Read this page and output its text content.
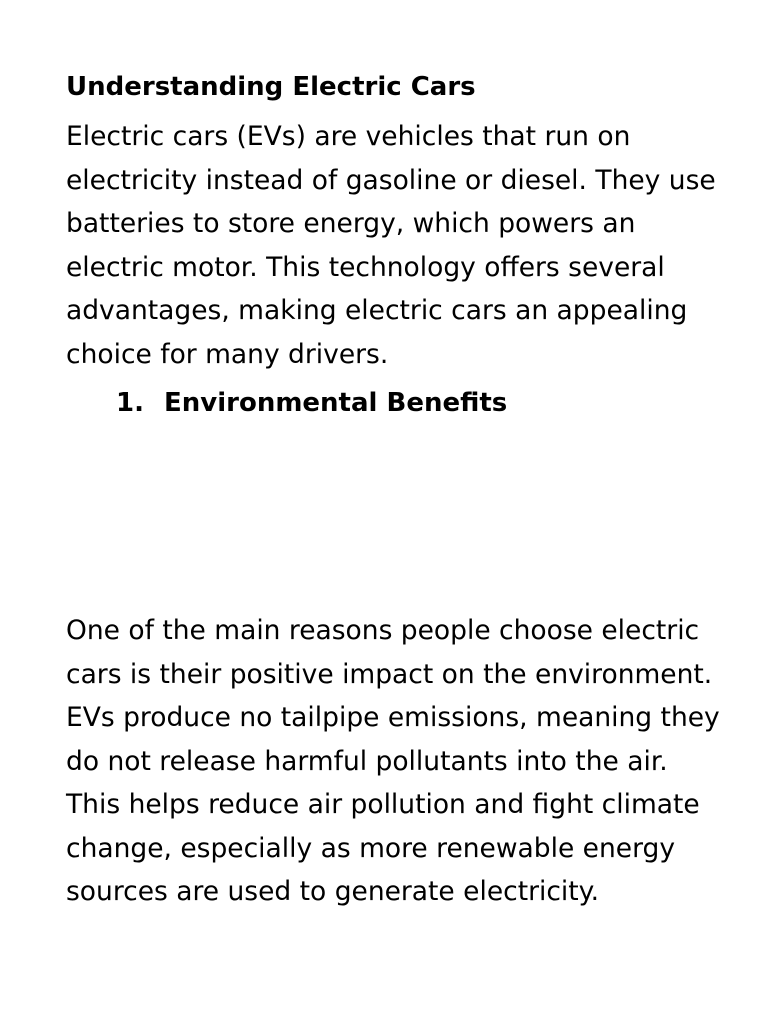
Understanding Electric Cars

Electric cars (EVs) are vehicles that run on electricity instead of gasoline or diesel. They use batteries to store energy, which powers an electric motor. This technology offers several advantages, making electric cars an appealing choice for many drivers.

1. Environmental Benefits

One of the main reasons people choose electric cars is their positive impact on the environment. EVs produce no tailpipe emissions, meaning they do not release harmful pollutants into the air. This helps reduce air pollution and fight climate change, especially as more renewable energy sources are used to generate electricity.
